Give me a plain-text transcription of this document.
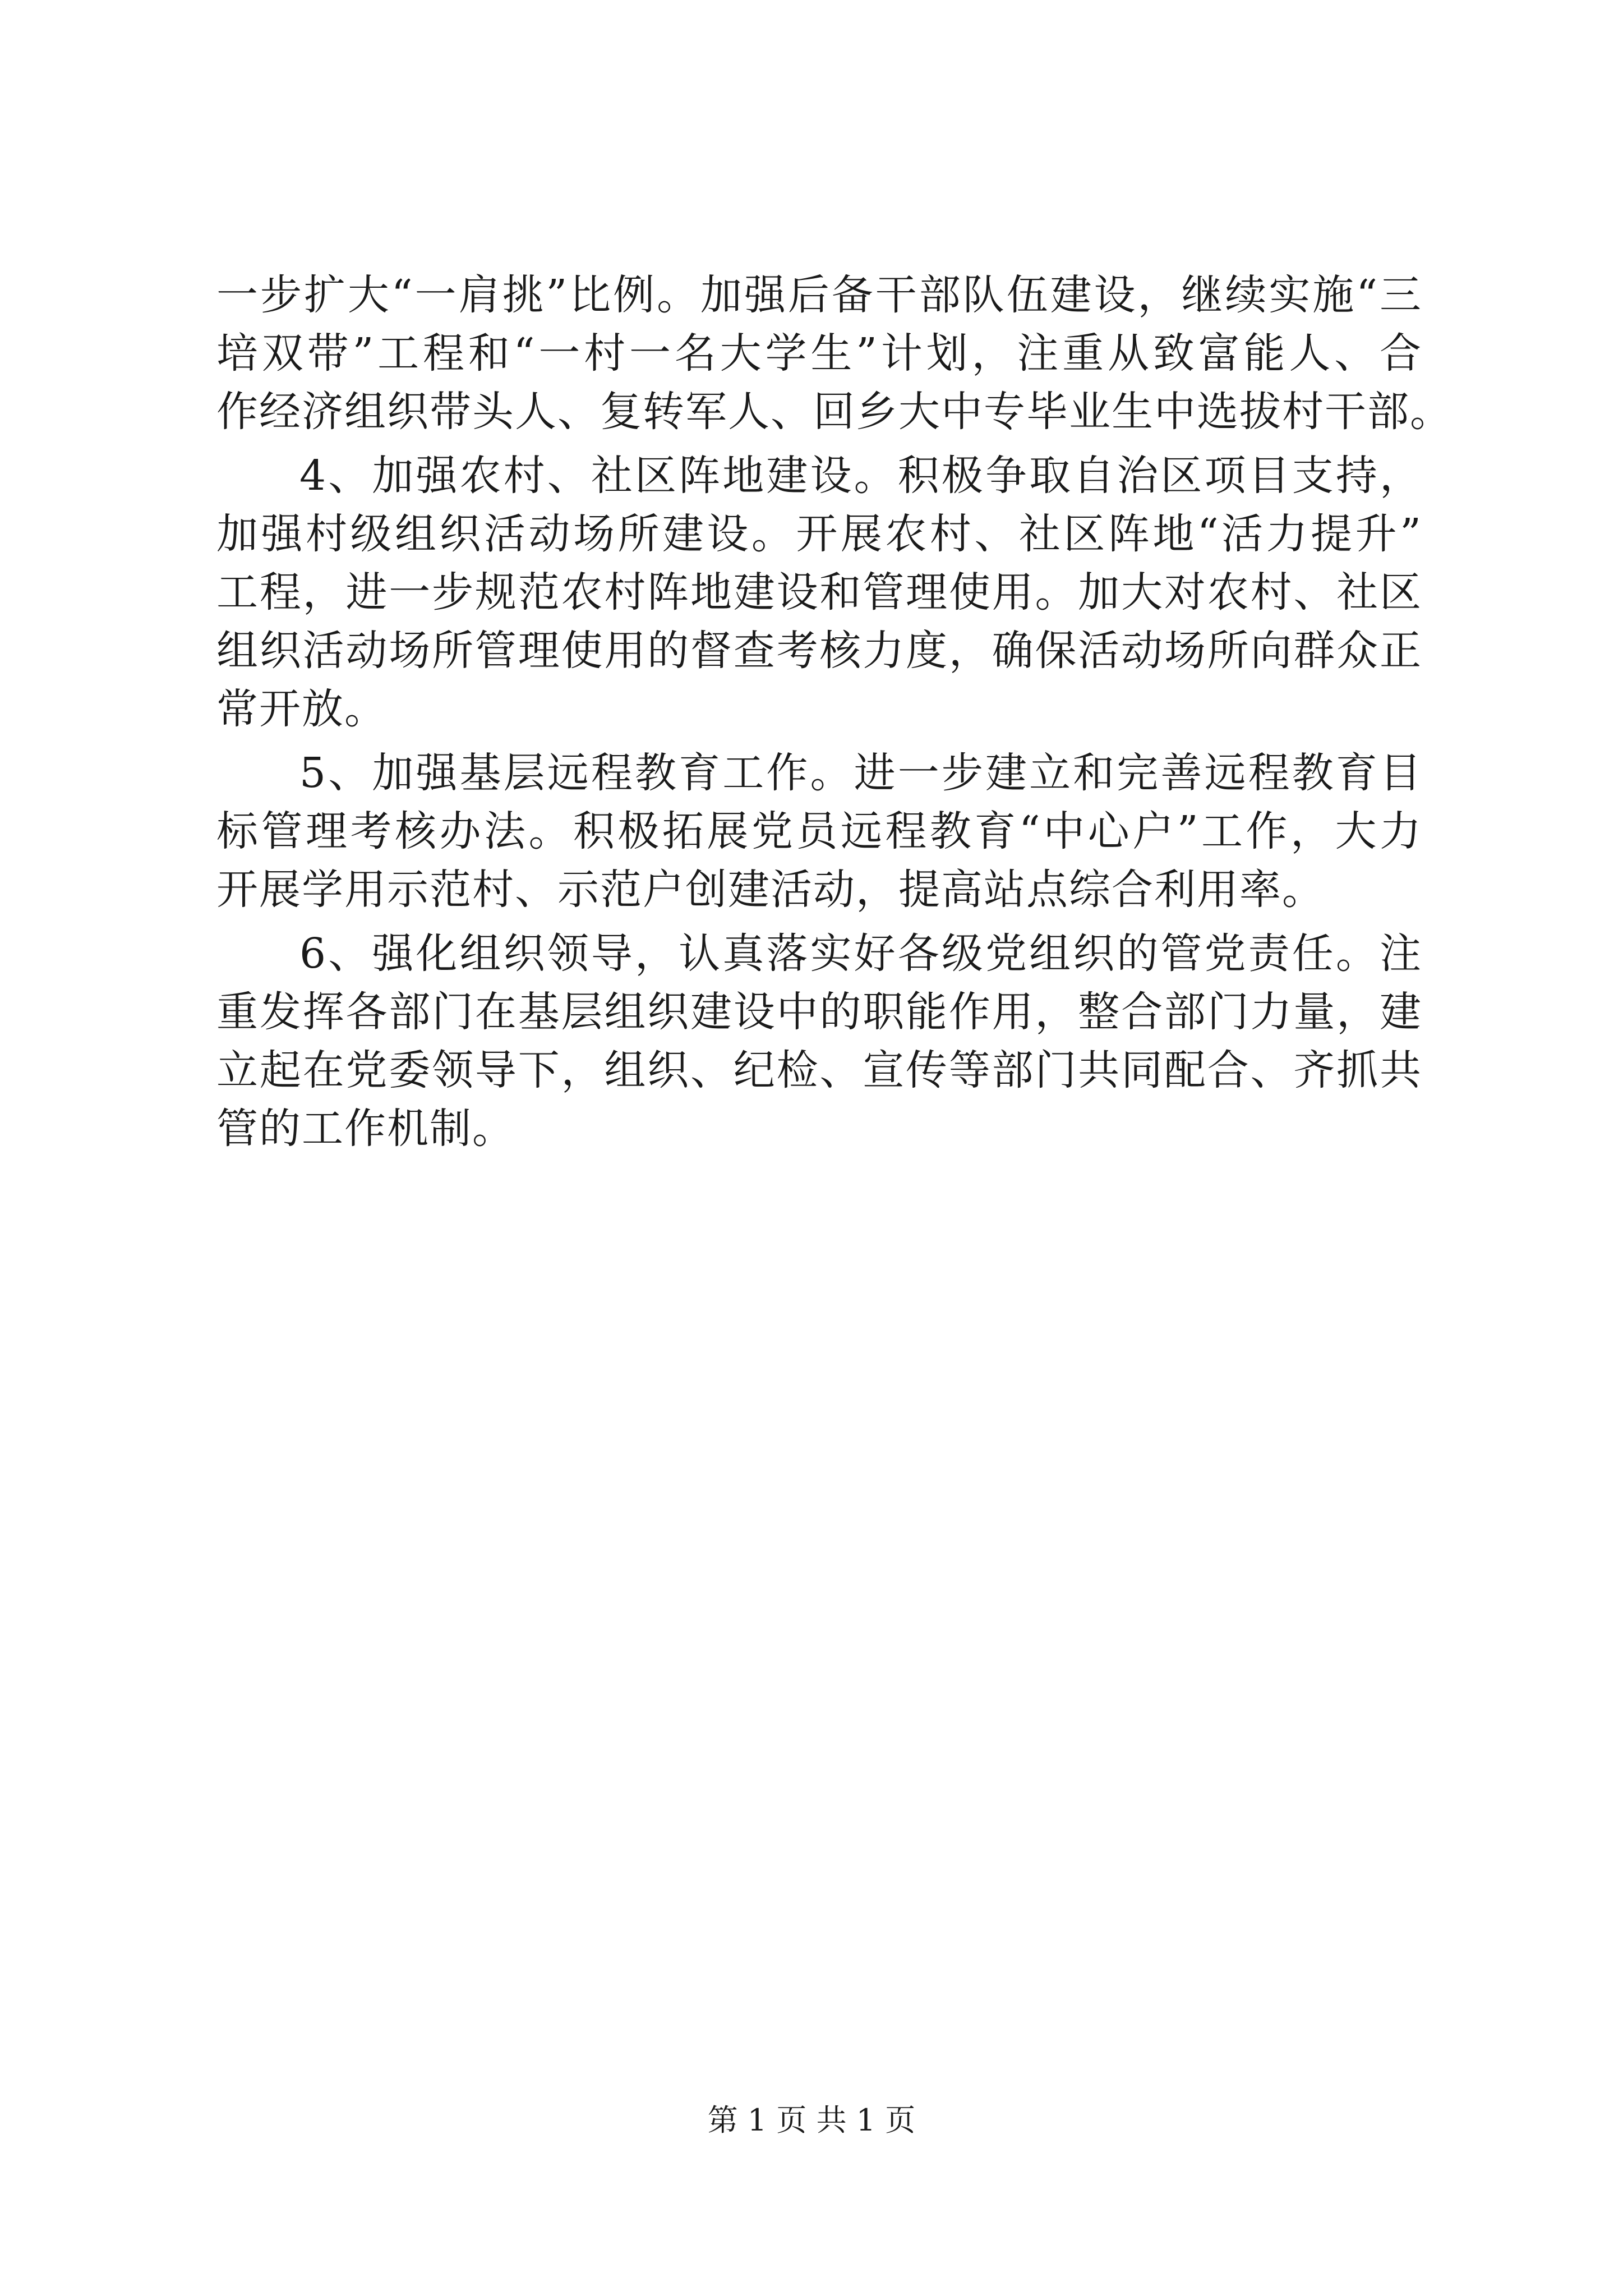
一步扩大“一肩挑”比例。加强后备干部队伍建设，继续实施“三
培双带”工程和“一村一名大学生”计划，注重从致富能人、合
作经济组织带头人、复转军人、回乡大中专毕业生中选拔村干部。
4、加强农村、社区阵地建设。积极争取自治区项目支持，
加强村级组织活动场所建设。开展农村、社区阵地“活力提升”
工程，进一步规范农村阵地建设和管理使用。加大对农村、社区
组织活动场所管理使用的督查考核力度，确保活动场所向群众正
常开放。
5、加强基层远程教育工作。进一步建立和完善远程教育目
标管理考核办法。积极拓展党员远程教育“中心户”工作，大力
开展学用示范村、示范户创建活动，提高站点综合利用率。
6、强化组织领导，认真落实好各级党组织的管党责任。注
重发挥各部门在基层组织建设中的职能作用，整合部门力量，建
立起在党委领导下，组织、纪检、宣传等部门共同配合、齐抓共
管的工作机制。
第 1 页 共 1 页
